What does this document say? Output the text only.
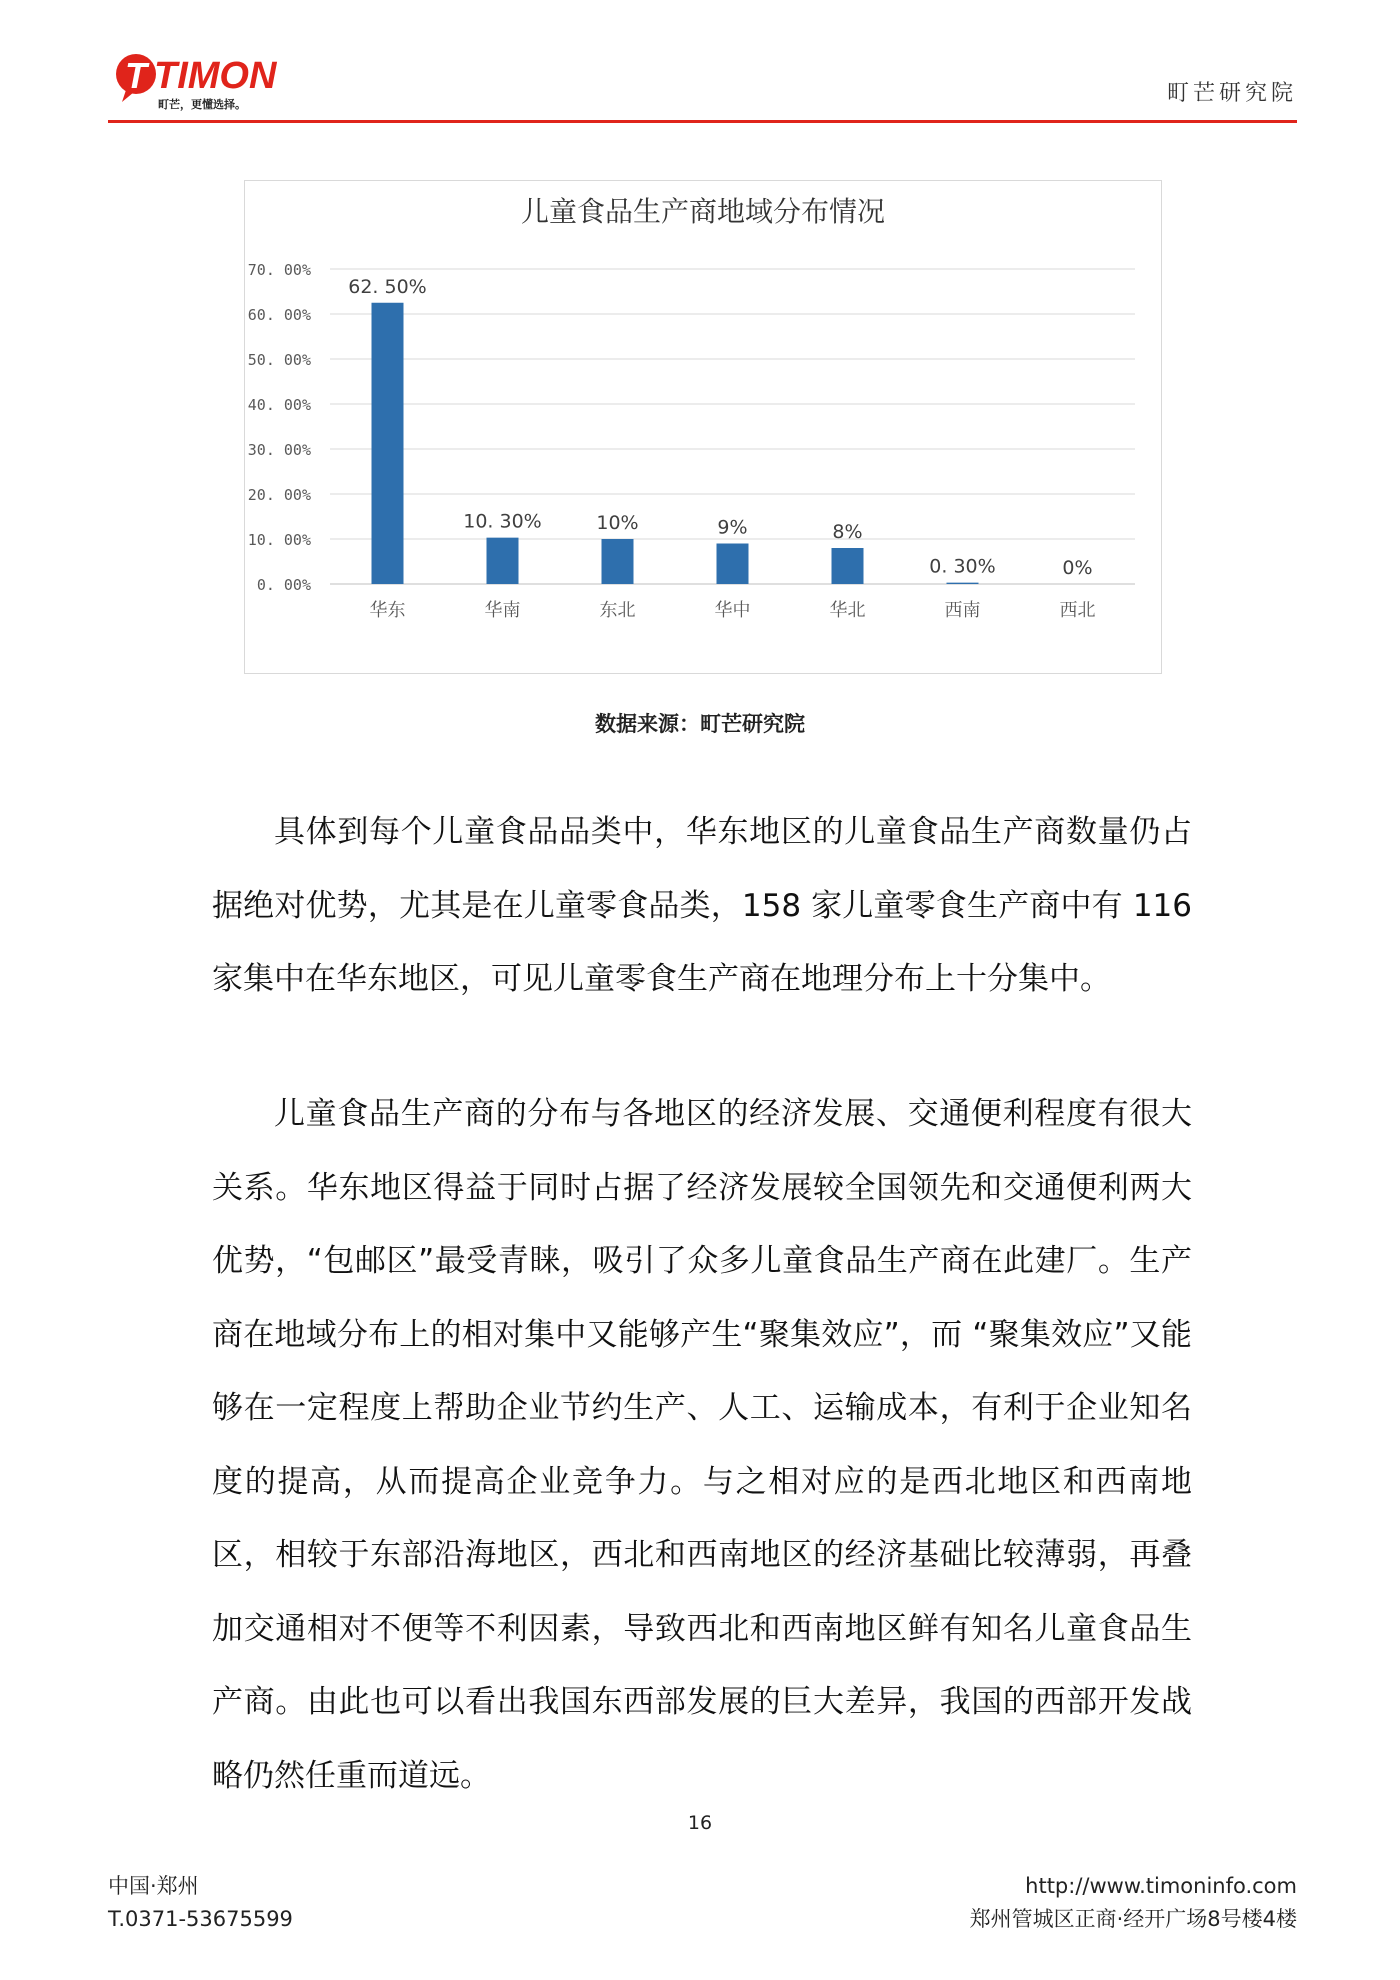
T TIMON
町芒，更懂选择。	町芒研究院
儿童食品生产商地域分布情况
0. 00%
10. 00%
20. 00%
30. 00%
40. 00%
50. 00%
60. 00%
70. 00%
62. 50%
华东
10. 30%
华南
10%
东北
9%
华中
8%
华北
0. 30%
西南
0%
西北
数据来源：町芒研究院

具体到每个儿童食品品类中，华东地区的儿童食品生产商数量仍占据绝对优势，尤其是在儿童零食品类，158 家儿童零食生产商中有 116 家集中在华东地区，可见儿童零食生产商在地理分布上十分集中。

儿童食品生产商的分布与各地区的经济发展、交通便利程度有很大关系。华东地区得益于同时占据了经济发展较全国领先和交通便利两大优势，“包邮区”最受青睐，吸引了众多儿童食品生产商在此建厂。生产商在地域分布上的相对集中又能够产生“聚集效应”，而 “聚集效应”又能够在一定程度上帮助企业节约生产、人工、运输成本，有利于企业知名度的提高，从而提高企业竞争力。与之相对应的是西北地区和西南地区，相较于东部沿海地区，西北和西南地区的经济基础比较薄弱，再叠加交通相对不便等不利因素，导致西北和西南地区鲜有知名儿童食品生产商。由此也可以看出我国东西部发展的巨大差异，我国的西部开发战略仍然任重而道远。

16
中国·郑州
T.0371-53675599
http://www.timoninfo.com
郑州管城区正商·经开广场8号楼4楼
